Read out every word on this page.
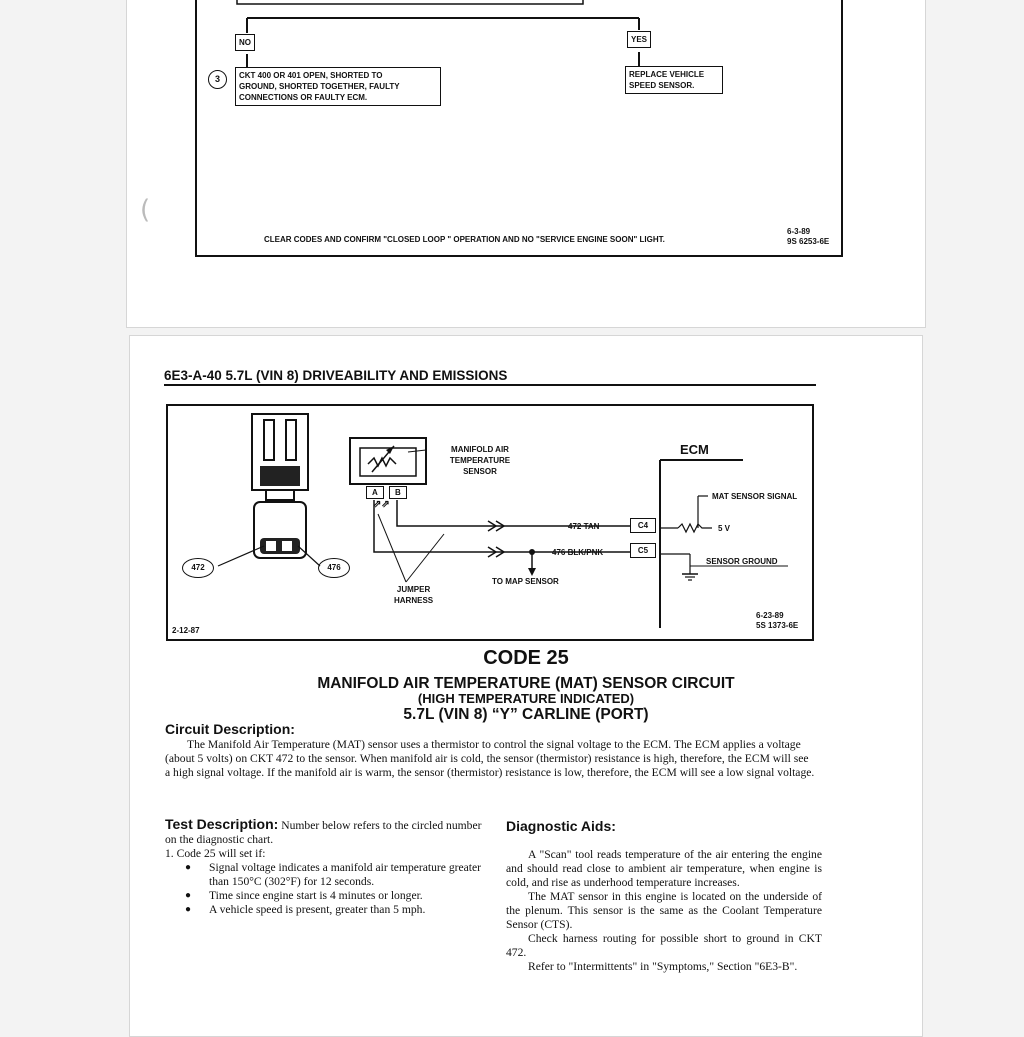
NO	YES
3	CKT 400 OR 401 OPEN, SHORTED TO
GROUND, SHORTED TOGETHER, FAULTY
CONNECTIONS OR FAULTY ECM.
REPLACE VEHICLE
SPEED SENSOR.
CLEAR CODES AND CONFIRM "CLOSED LOOP " OPERATION AND NO "SERVICE ENGINE SOON" LIGHT.
6-3-89
9S 6253-6E
(
6E3-A-40 5.7L (VIN 8) DRIVEABILITY AND EMISSIONS
A	B
⇗⇗
MANIFOLD AIR
TEMPERATURE
SENSOR
ECM
472 TAN
476 BLK/PNK
C4
C5
MAT SENSOR SIGNAL
5 V
SENSOR GROUND
TO MAP SENSOR
JUMPER
HARNESS
472	476
2-12-87
6-23-89
5S 1373-6E
CODE 25
MANIFOLD AIR TEMPERATURE (MAT) SENSOR CIRCUIT
(HIGH TEMPERATURE INDICATED)
5.7L (VIN 8) “Y” CARLINE (PORT)
Circuit Description:
The Manifold Air Temperature (MAT) sensor uses a thermistor to control the signal voltage to the ECM. The ECM applies a voltage (about 5 volts) on CKT 472 to the sensor. When manifold air is cold, the sensor (thermistor) resistance is high, therefore, the ECM will see a high signal voltage. If the manifold air is warm, the sensor (thermistor) resistance is low, therefore, the ECM will see a low signal voltage.
Test Description: Number below refers to the circled number on the diagnostic chart.
1. Code 25 will set if:
● Signal voltage indicates a manifold air temperature greater than 150°C (302°F) for 12 seconds.
● Time since engine start is 4 minutes or longer.
● A vehicle speed is present, greater than 5 mph.
Diagnostic Aids:
A "Scan" tool reads temperature of the air entering the engine and should read close to ambient air temperature, when engine is cold, and rise as underhood temperature increases.
The MAT sensor in this engine is located on the underside of the plenum. This sensor is the same as the Coolant Temperature Sensor (CTS).
Check harness routing for possible short to ground in CKT 472.
Refer to "Intermittents" in "Symptoms," Section "6E3-B".
